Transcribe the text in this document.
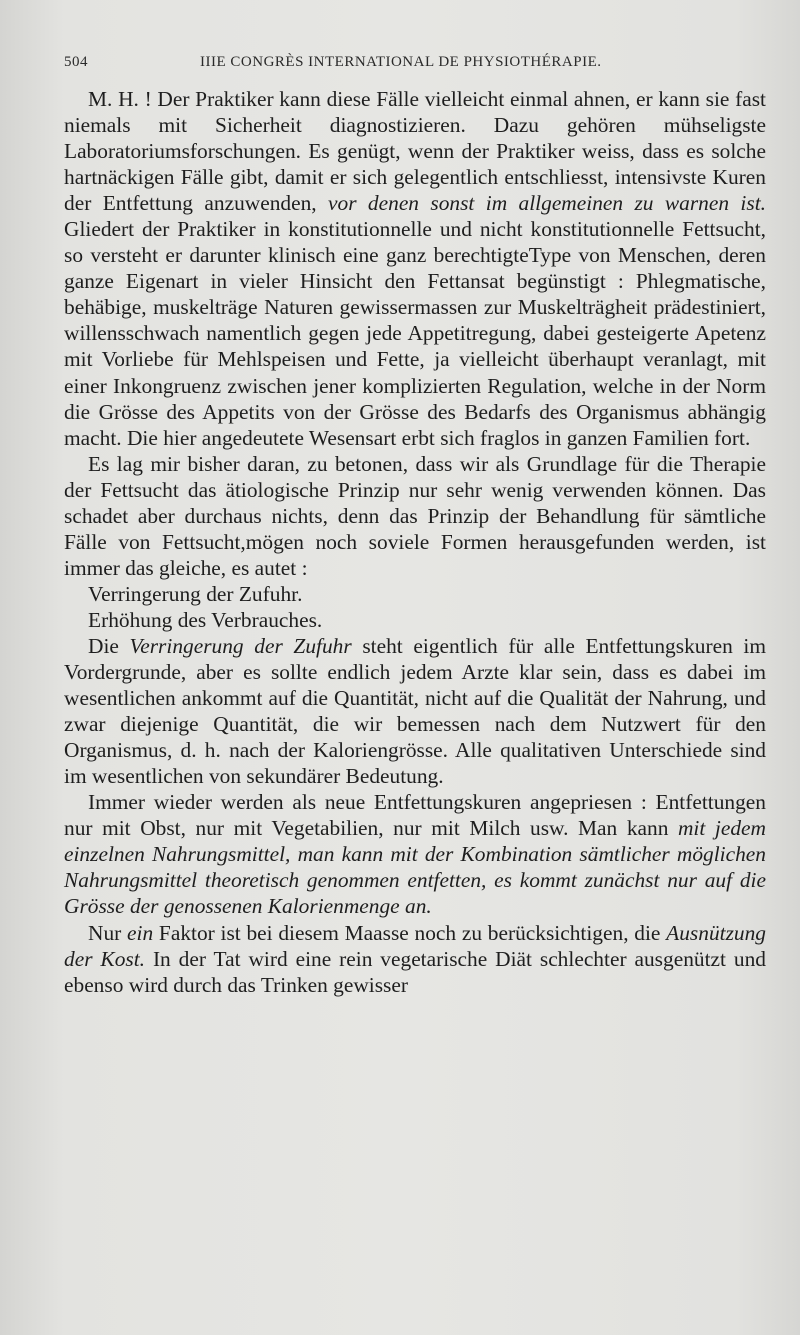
504	IIIE CONGRÈS INTERNATIONAL DE PHYSIOTHÉRAPIE.

M. H. ! Der Praktiker kann diese Fälle vielleicht einmal ahnen, er kann sie fast niemals mit Sicherheit diagnostizieren. Dazu gehören mühseligste Laboratoriumsforschungen. Es genügt, wenn der Praktiker weiss, dass es solche hartnäckigen Fälle gibt, damit er sich gelegentlich entschliesst, intensivste Kuren der Entfettung anzuwenden, vor denen sonst im allgemeinen zu warnen ist. Gliedert der Praktiker in konstitutionnelle und nicht konstitutionnelle Fettsucht, so versteht er darunter klinisch eine ganz berechtigteType von Menschen, deren ganze Eigenart in vieler Hinsicht den Fettansat begünstigt : Phlegmatische, behäbige, muskelträge Naturen gewissermassen zur Muskelträgheit prädestiniert, willensschwach namentlich gegen jede Appetitregung, dabei gesteigerte Apetenz mit Vorliebe für Mehlspeisen und Fette, ja vielleicht überhaupt veranlagt, mit einer Inkongruenz zwischen jener komplizierten Regulation, welche in der Norm die Grösse des Appetits von der Grösse des Bedarfs des Organismus abhängig macht. Die hier angedeutete Wesensart erbt sich fraglos in ganzen Familien fort.

Es lag mir bisher daran, zu betonen, dass wir als Grundlage für die Therapie der Fettsucht das ätiologische Prinzip nur sehr wenig verwenden können. Das schadet aber durchaus nichts, denn das Prinzip der Behandlung für sämtliche Fälle von Fettsucht,mögen noch soviele Formen herausgefunden werden, ist immer das gleiche, es autet :

Verringerung der Zufuhr.

Erhöhung des Verbrauches.

Die Verringerung der Zufuhr steht eigentlich für alle Entfettungskuren im Vordergrunde, aber es sollte endlich jedem Arzte klar sein, dass es dabei im wesentlichen ankommt auf die Quantität, nicht auf die Qualität der Nahrung, und zwar diejenige Quantität, die wir bemessen nach dem Nutzwert für den Organismus, d. h. nach der Kaloriengrösse. Alle qualitativen Unterschiede sind im wesentlichen von sekundärer Bedeutung.

Immer wieder werden als neue Entfettungskuren angepriesen : Entfettungen nur mit Obst, nur mit Vegetabilien, nur mit Milch usw. Man kann mit jedem einzelnen Nahrungsmittel, man kann mit der Kombination sämtlicher möglichen Nahrungsmittel theoretisch genommen entfetten, es kommt zunächst nur auf die Grösse der genossenen Kalorienmenge an.

Nur ein Faktor ist bei diesem Maasse noch zu berücksichtigen, die Ausnützung der Kost. In der Tat wird eine rein vegetarische Diät schlechter ausgenützt und ebenso wird durch das Trinken gewisser
